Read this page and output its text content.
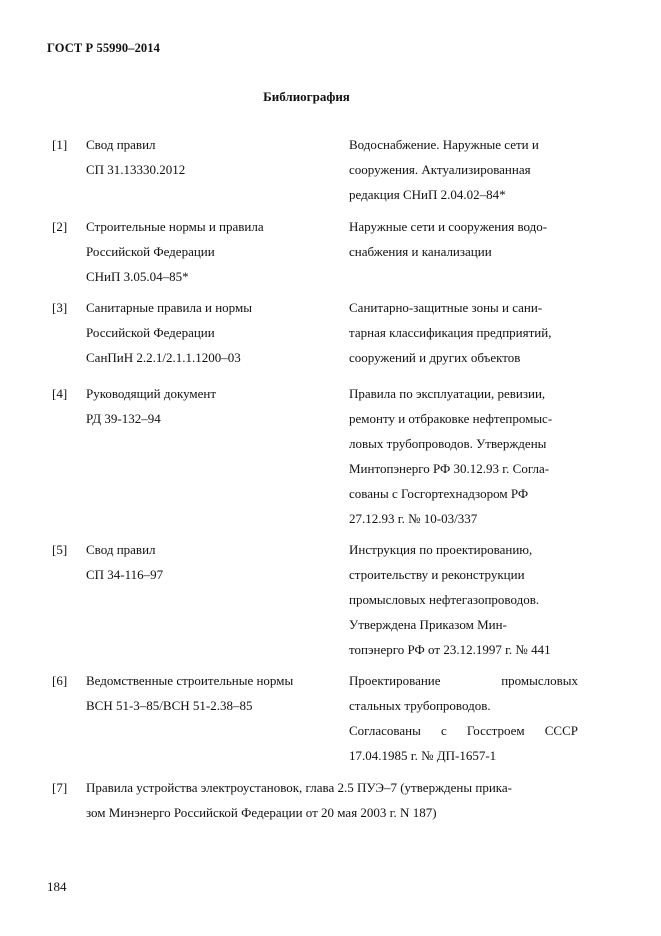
ГОСТ Р 55990–2014
Библиография
[1] Свод правил
СП 31.13330.2012
Водоснабжение. Наружные сети и
сооружения. Актуализированная
редакция СНиП 2.04.02–84*
[2] Строительные нормы и правила
Российской Федерации
СНиП 3.05.04–85*
Наружные сети и сооружения водо-
снабжения и канализации
[3] Санитарные правила и нормы
Российской Федерации
СанПиН 2.2.1/2.1.1.1200–03
Санитарно-защитные зоны и сани-
тарная классификация предприятий,
сооружений и других объектов
[4] Руководящий документ
РД 39-132–94
Правила по эксплуатации, ревизии,
ремонту и отбраковке нефтепромыс-
ловых трубопроводов. Утверждены
Минтопэнерго РФ 30.12.93 г. Согла-
сованы с Госгортехнадзором РФ
27.12.93 г. № 10-03/337
[5] Свод правил
СП 34-116–97
Инструкция по проектированию,
строительству и реконструкции
промысловых нефтегазопроводов.
Утверждена Приказом Мин-
топэнерго РФ от 23.12.1997 г. № 441
[6] Ведомственные строительные нормы
ВСН 51-3–85/ВСН 51-2.38–85
Проектирование промысловых
стальных трубопроводов.
Согласованы с Госстроем СССР
17.04.1985 г. № ДП-1657-1
[7] Правила устройства электроустановок, глава 2.5 ПУЭ–7 (утверждены прика-
зом Минэнерго Российской Федерации от 20 мая 2003 г. N 187)
184
